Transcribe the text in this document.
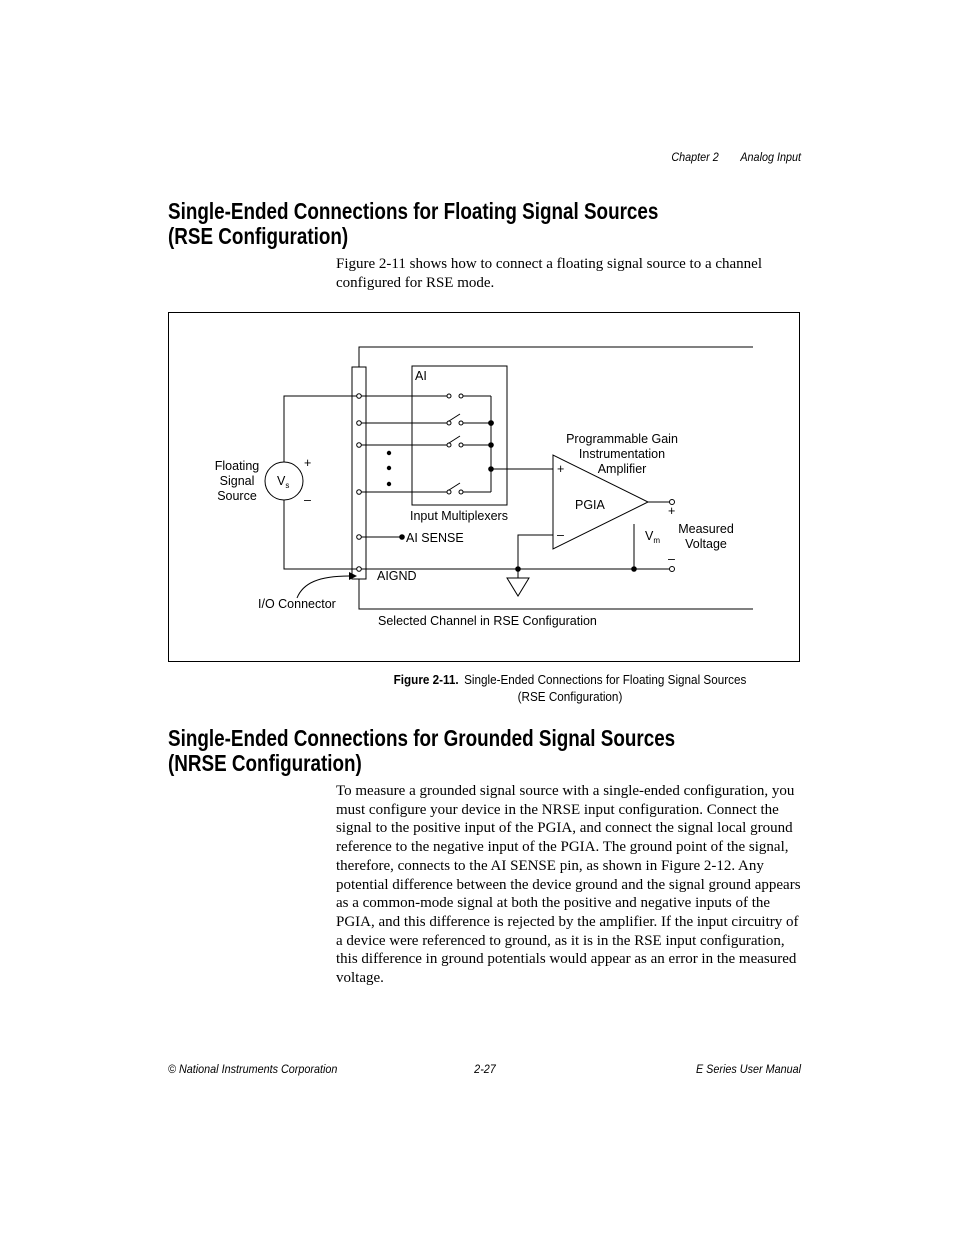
Chapter 2 Analog Input
Single-Ended Connections for Floating Signal Sources
(RSE Configuration)
Figure 2-11 shows how to connect a floating signal source to a channel configured for RSE mode.
AI
Floating
Signal
Source
$V_s$
+
–
Programmable Gain
Instrumentation
Amplifier
+
–
PGIA
Input Multiplexers
AI SENSE
AIGND
I/O Connector
+
$V_m$
–
Measured
Voltage
Selected Channel in RSE Configuration
Figure 2-11. Single-Ended Connections for Floating Signal Sources
(RSE Configuration)
Single-Ended Connections for Grounded Signal Sources
(NRSE Configuration)
To measure a grounded signal source with a single-ended configuration, you must configure your device in the NRSE input configuration. Connect the signal to the positive input of the PGIA, and connect the signal local ground reference to the negative input of the PGIA. The ground point of the signal, therefore, connects to the AI SENSE pin, as shown in Figure 2-12. Any potential difference between the device ground and the signal ground appears as a common-mode signal at both the positive and negative inputs of the PGIA, and this difference is rejected by the amplifier. If the input circuitry of a device were referenced to ground, as it is in the RSE input configuration, this difference in ground potentials would appear as an error in the measured voltage.
© National Instruments Corporation	2-27	E Series User Manual
